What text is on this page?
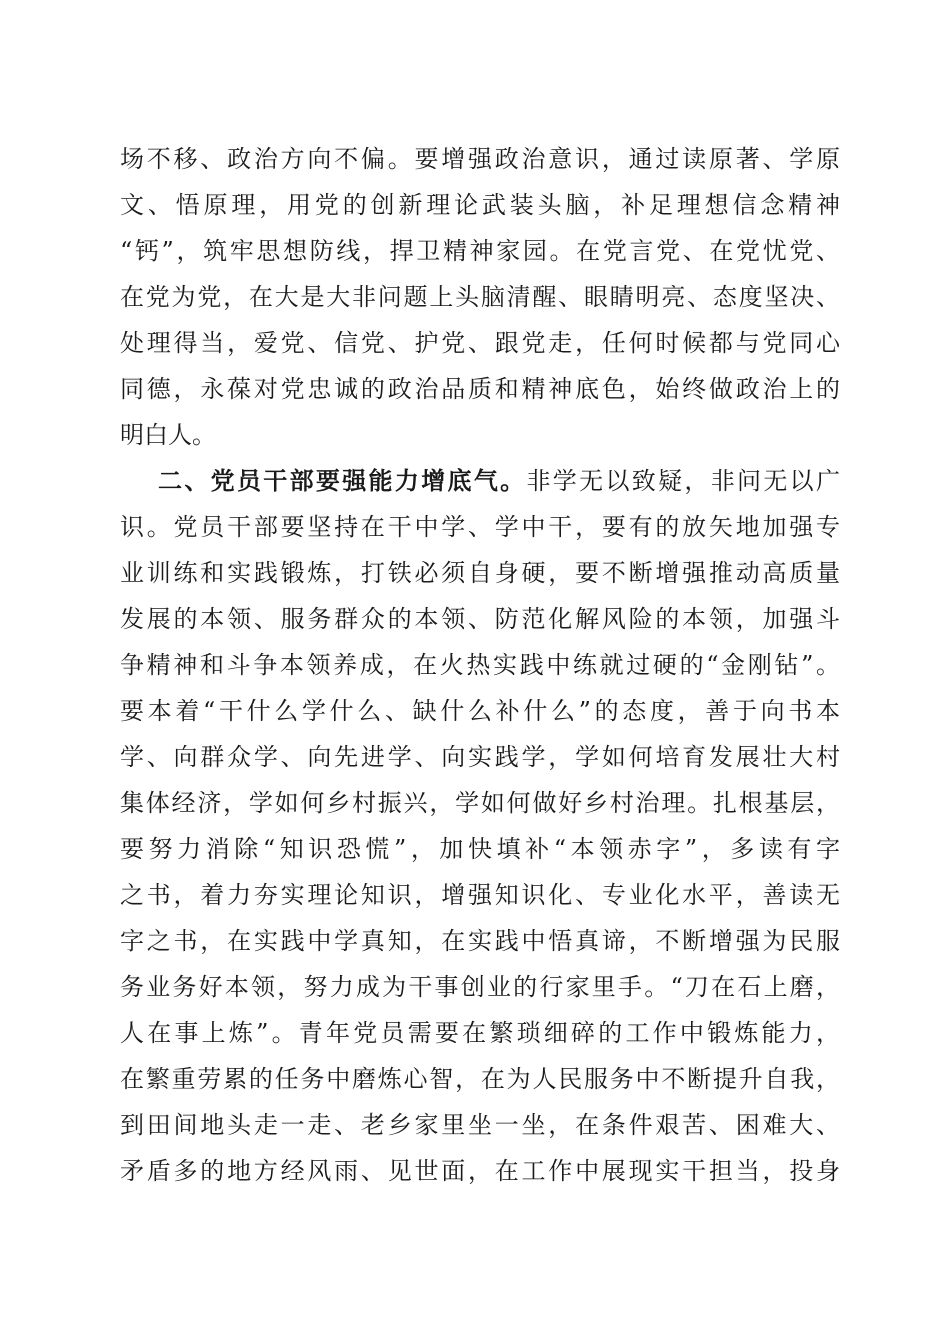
场不移、政治方向不偏。要增强政治意识，通过读原著、学原
文、悟原理，用党的创新理论武装头脑，补足理想信念精神
“钙”，筑牢思想防线，捍卫精神家园。在党言党、在党忧党、
在党为党，在大是大非问题上头脑清醒、眼睛明亮、态度坚决、
处理得当，爱党、信党、护党、跟党走，任何时候都与党同心
同德，永葆对党忠诚的政治品质和精神底色，始终做政治上的
明白人。
二、党员干部要强能力增底气。非学无以致疑，非问无以广
识。党员干部要坚持在干中学、学中干，要有的放矢地加强专
业训练和实践锻炼，打铁必须自身硬，要不断增强推动高质量
发展的本领、服务群众的本领、防范化解风险的本领，加强斗
争精神和斗争本领养成，在火热实践中练就过硬的“金刚钻”。
要本着“干什么学什么、缺什么补什么”的态度，善于向书本
学、向群众学、向先进学、向实践学，学如何培育发展壮大村
集体经济，学如何乡村振兴，学如何做好乡村治理。扎根基层，
要努力消除“知识恐慌”，加快填补“本领赤字”，多读有字
之书，着力夯实理论知识，增强知识化、专业化水平，善读无
字之书，在实践中学真知，在实践中悟真谛，不断增强为民服
务业务好本领，努力成为干事创业的行家里手。“刀在石上磨，
人在事上炼”。青年党员需要在繁琐细碎的工作中锻炼能力，
在繁重劳累的任务中磨炼心智，在为人民服务中不断提升自我，
到田间地头走一走、老乡家里坐一坐，在条件艰苦、困难大、
矛盾多的地方经风雨、见世面，在工作中展现实干担当，投身
